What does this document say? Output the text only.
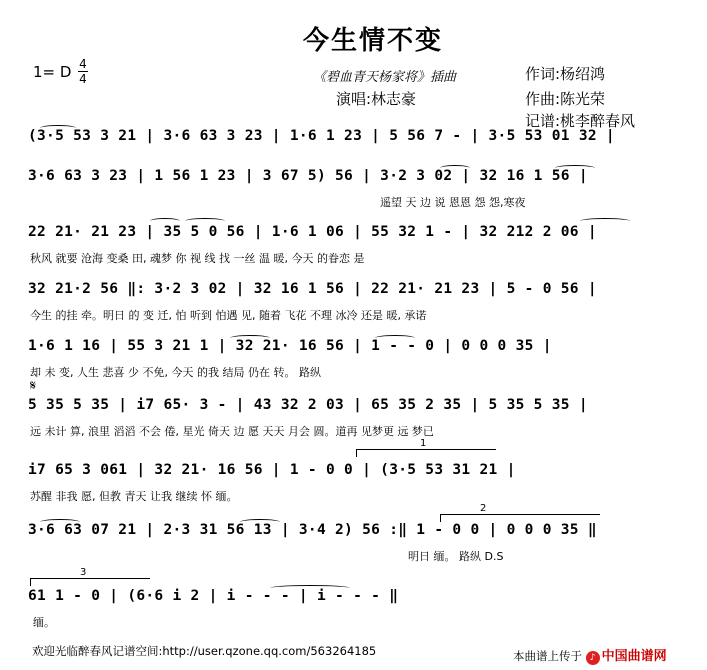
今生情不变
1= D 4
4	《碧血青天杨家将》插曲
演唱:林志豪
作词:杨绍鸿
作曲:陈光荣
记谱:桃李醉春风
(3·5 53 3 21 | 3·6 63 3 23 | 1·6 1 23 | 5 56 7 - | 3·5 53 01 32 |
3·6 63 3 23 | 1 56 1 23 | 3 67 5) 56 | 3·2 3 02 | 32 16 1 56 |
遥望 天 边 说 恩恩 怨 怨,寒夜
22 21· 21 23 | 35 5 0 56 | 1·6 1 06 | 55 32 1 - | 32 212 2 06 |
秋风 就要 沧海 变桑 田, 魂梦 你 视 线 找 一丝 温 暖, 今天 的眷恋 是
32 21·2 56 ‖: 3·2 3 02 | 32 16 1 56 | 22 21· 21 23 | 5 - 0 56 |
今生 的挂 牵。明日 的 变 迁, 怕 听到 怕遇 见, 随着 飞花 不理 冰冷 还是 暖, 承诺
1·6 1 16 | 55 3 21 1 | 32 21· 16 56 | 1 - - 0 | 0 0 0 35 |
却 未 变, 人生 悲喜 少 不免, 今天 的我 结局 仍在 转。 路纵
𝄋
5 35 5 35 | i7 65· 3 - | 43 32 2 03 | 65 35 2 35 | 5 35 5 35 |
远 未计 算, 浪里 滔滔 不会 倦, 星光 倚天 边 愿 天天 月会 圆。道再 见梦更 远 梦已
i7 65 3 061 | 32 21· 16 56 | 1 - 0 0 | (3·5 53 31 21 |
苏醒 非我 愿, 但教 青天 让我 继续 怀 缅。
3·6 63 07 21 | 2·3 31 56 13 | 3·4 2) 56 :‖ 1 - 0 0 | 0 0 0 35 ‖
明日 缅。 路纵 D.S
61 1 - 0 | (6·6 i 2 | i - - - | i - - - ‖
缅。
1
2
3
欢迎光临醉春风记谱空间:http://user.qzone.qq.com/563264185	本曲谱上传于 ♪ 中国曲谱网
